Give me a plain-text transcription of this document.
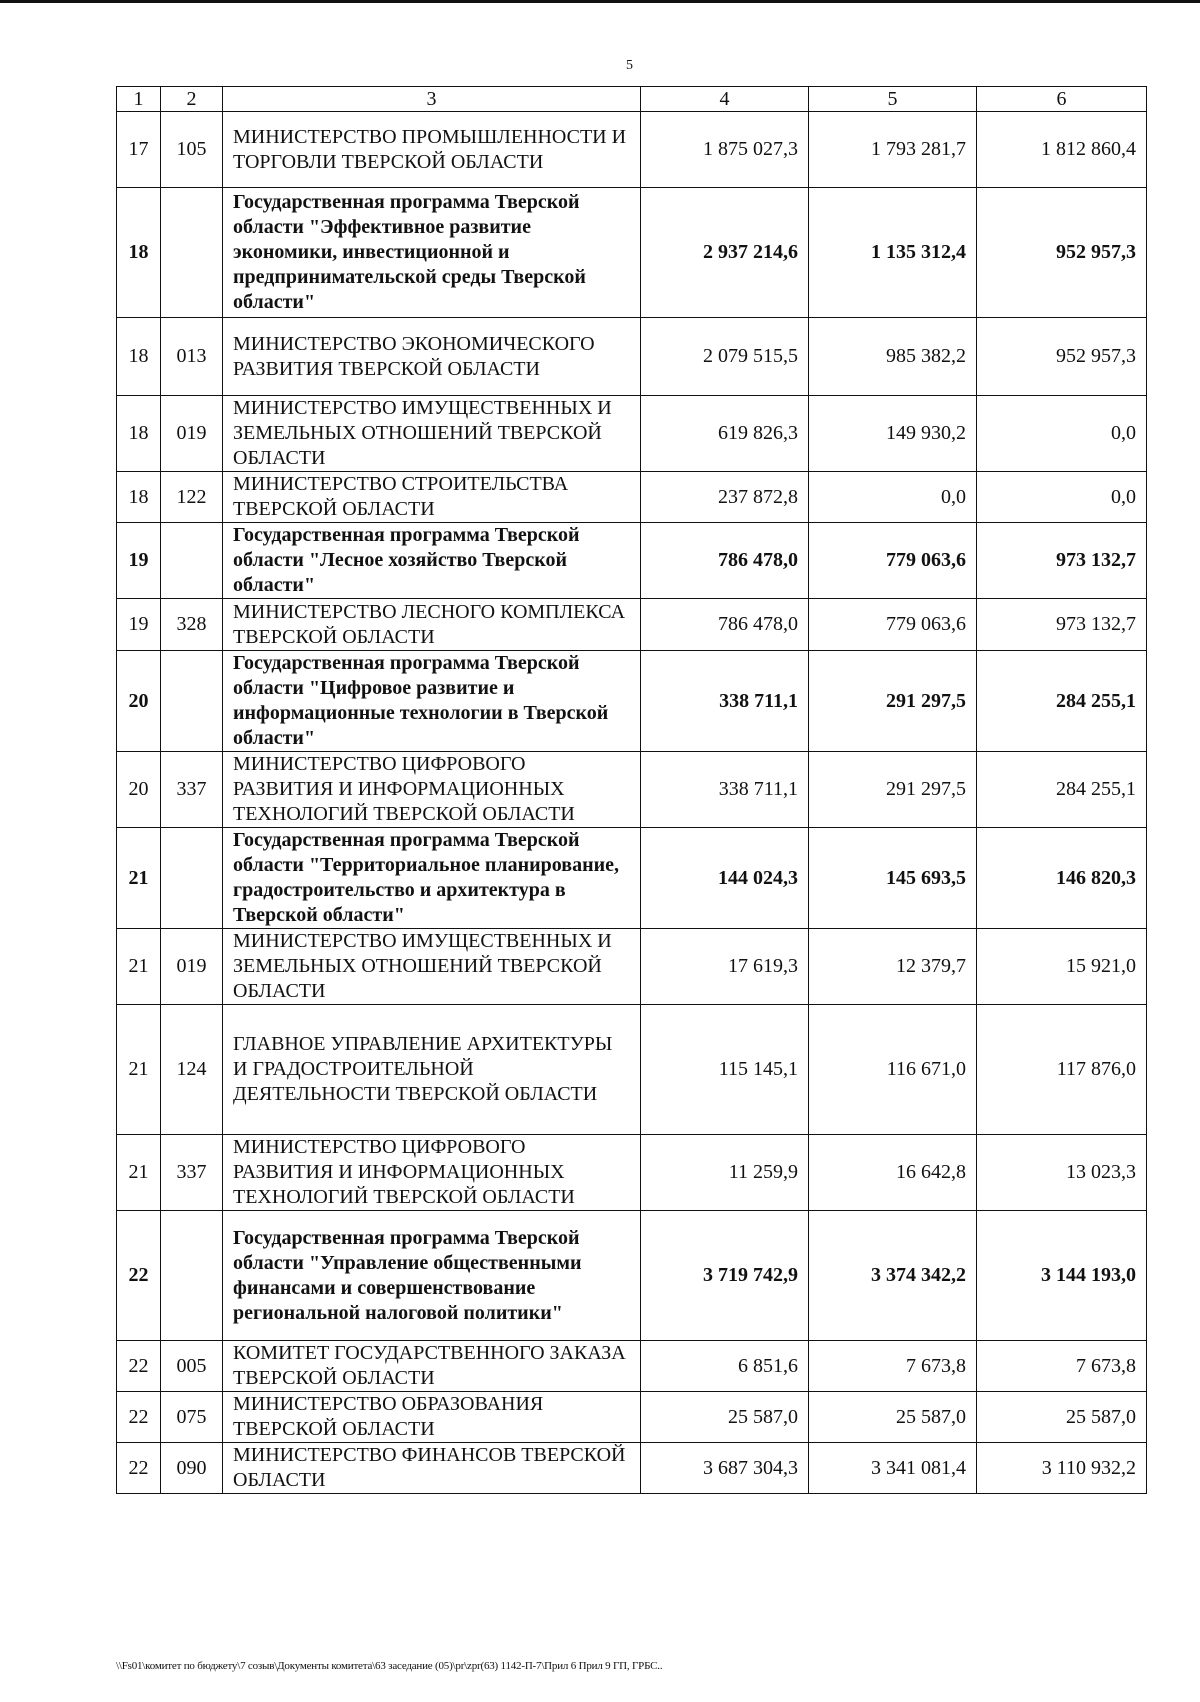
5
1	2	3	4	5	6
17	105	МИНИСТЕРСТВО ПРОМЫШЛЕННОСТИ И ТОРГОВЛИ ТВЕРСКОЙ ОБЛАСТИ	1 875 027,3	1 793 281,7	1 812 860,4
18		Государственная программа Тверской области "Эффективное развитие экономики, инвестиционной и предпринимательской среды Тверской области"	2 937 214,6	1 135 312,4	952 957,3
18	013	МИНИСТЕРСТВО ЭКОНОМИЧЕСКОГО РАЗВИТИЯ ТВЕРСКОЙ ОБЛАСТИ	2 079 515,5	985 382,2	952 957,3
18	019	МИНИСТЕРСТВО ИМУЩЕСТВЕННЫХ И ЗЕМЕЛЬНЫХ ОТНОШЕНИЙ ТВЕРСКОЙ ОБЛАСТИ	619 826,3	149 930,2	0,0
18	122	МИНИСТЕРСТВО СТРОИТЕЛЬСТВА ТВЕРСКОЙ ОБЛАСТИ	237 872,8	0,0	0,0
19		Государственная программа Тверской области "Лесное хозяйство Тверской области"	786 478,0	779 063,6	973 132,7
19	328	МИНИСТЕРСТВО ЛЕСНОГО КОМПЛЕКСА ТВЕРСКОЙ ОБЛАСТИ	786 478,0	779 063,6	973 132,7
20		Государственная программа Тверской области "Цифровое развитие и информационные технологии в Тверской области"	338 711,1	291 297,5	284 255,1
20	337	МИНИСТЕРСТВО ЦИФРОВОГО РАЗВИТИЯ И ИНФОРМАЦИОННЫХ ТЕХНОЛОГИЙ ТВЕРСКОЙ ОБЛАСТИ	338 711,1	291 297,5	284 255,1
21		Государственная программа Тверской области "Территориальное планирование, градостроительство и архитектура в Тверской области"	144 024,3	145 693,5	146 820,3
21	019	МИНИСТЕРСТВО ИМУЩЕСТВЕННЫХ И ЗЕМЕЛЬНЫХ ОТНОШЕНИЙ ТВЕРСКОЙ ОБЛАСТИ	17 619,3	12 379,7	15 921,0
21	124	ГЛАВНОЕ УПРАВЛЕНИЕ АРХИТЕКТУРЫ И ГРАДОСТРОИТЕЛЬНОЙ ДЕЯТЕЛЬНОСТИ ТВЕРСКОЙ ОБЛАСТИ	115 145,1	116 671,0	117 876,0
21	337	МИНИСТЕРСТВО ЦИФРОВОГО РАЗВИТИЯ И ИНФОРМАЦИОННЫХ ТЕХНОЛОГИЙ ТВЕРСКОЙ ОБЛАСТИ	11 259,9	16 642,8	13 023,3
22		Государственная программа Тверской области "Управление общественными финансами и совершенствование региональной налоговой политики"	3 719 742,9	3 374 342,2	3 144 193,0
22	005	КОМИТЕТ ГОСУДАРСТВЕННОГО ЗАКАЗА ТВЕРСКОЙ ОБЛАСТИ	6 851,6	7 673,8	7 673,8
22	075	МИНИСТЕРСТВО ОБРАЗОВАНИЯ ТВЕРСКОЙ ОБЛАСТИ	25 587,0	25 587,0	25 587,0
22	090	МИНИСТЕРСТВО ФИНАНСОВ ТВЕРСКОЙ ОБЛАСТИ	3 687 304,3	3 341 081,4	3 110 932,2
\\Fs01\комитет по бюджету\7 созыв\Документы комитета\63 заседание (05)\pr\zpr(63) 1142-П-7\Прил 6 Прил 9 ГП, ГРБС..
